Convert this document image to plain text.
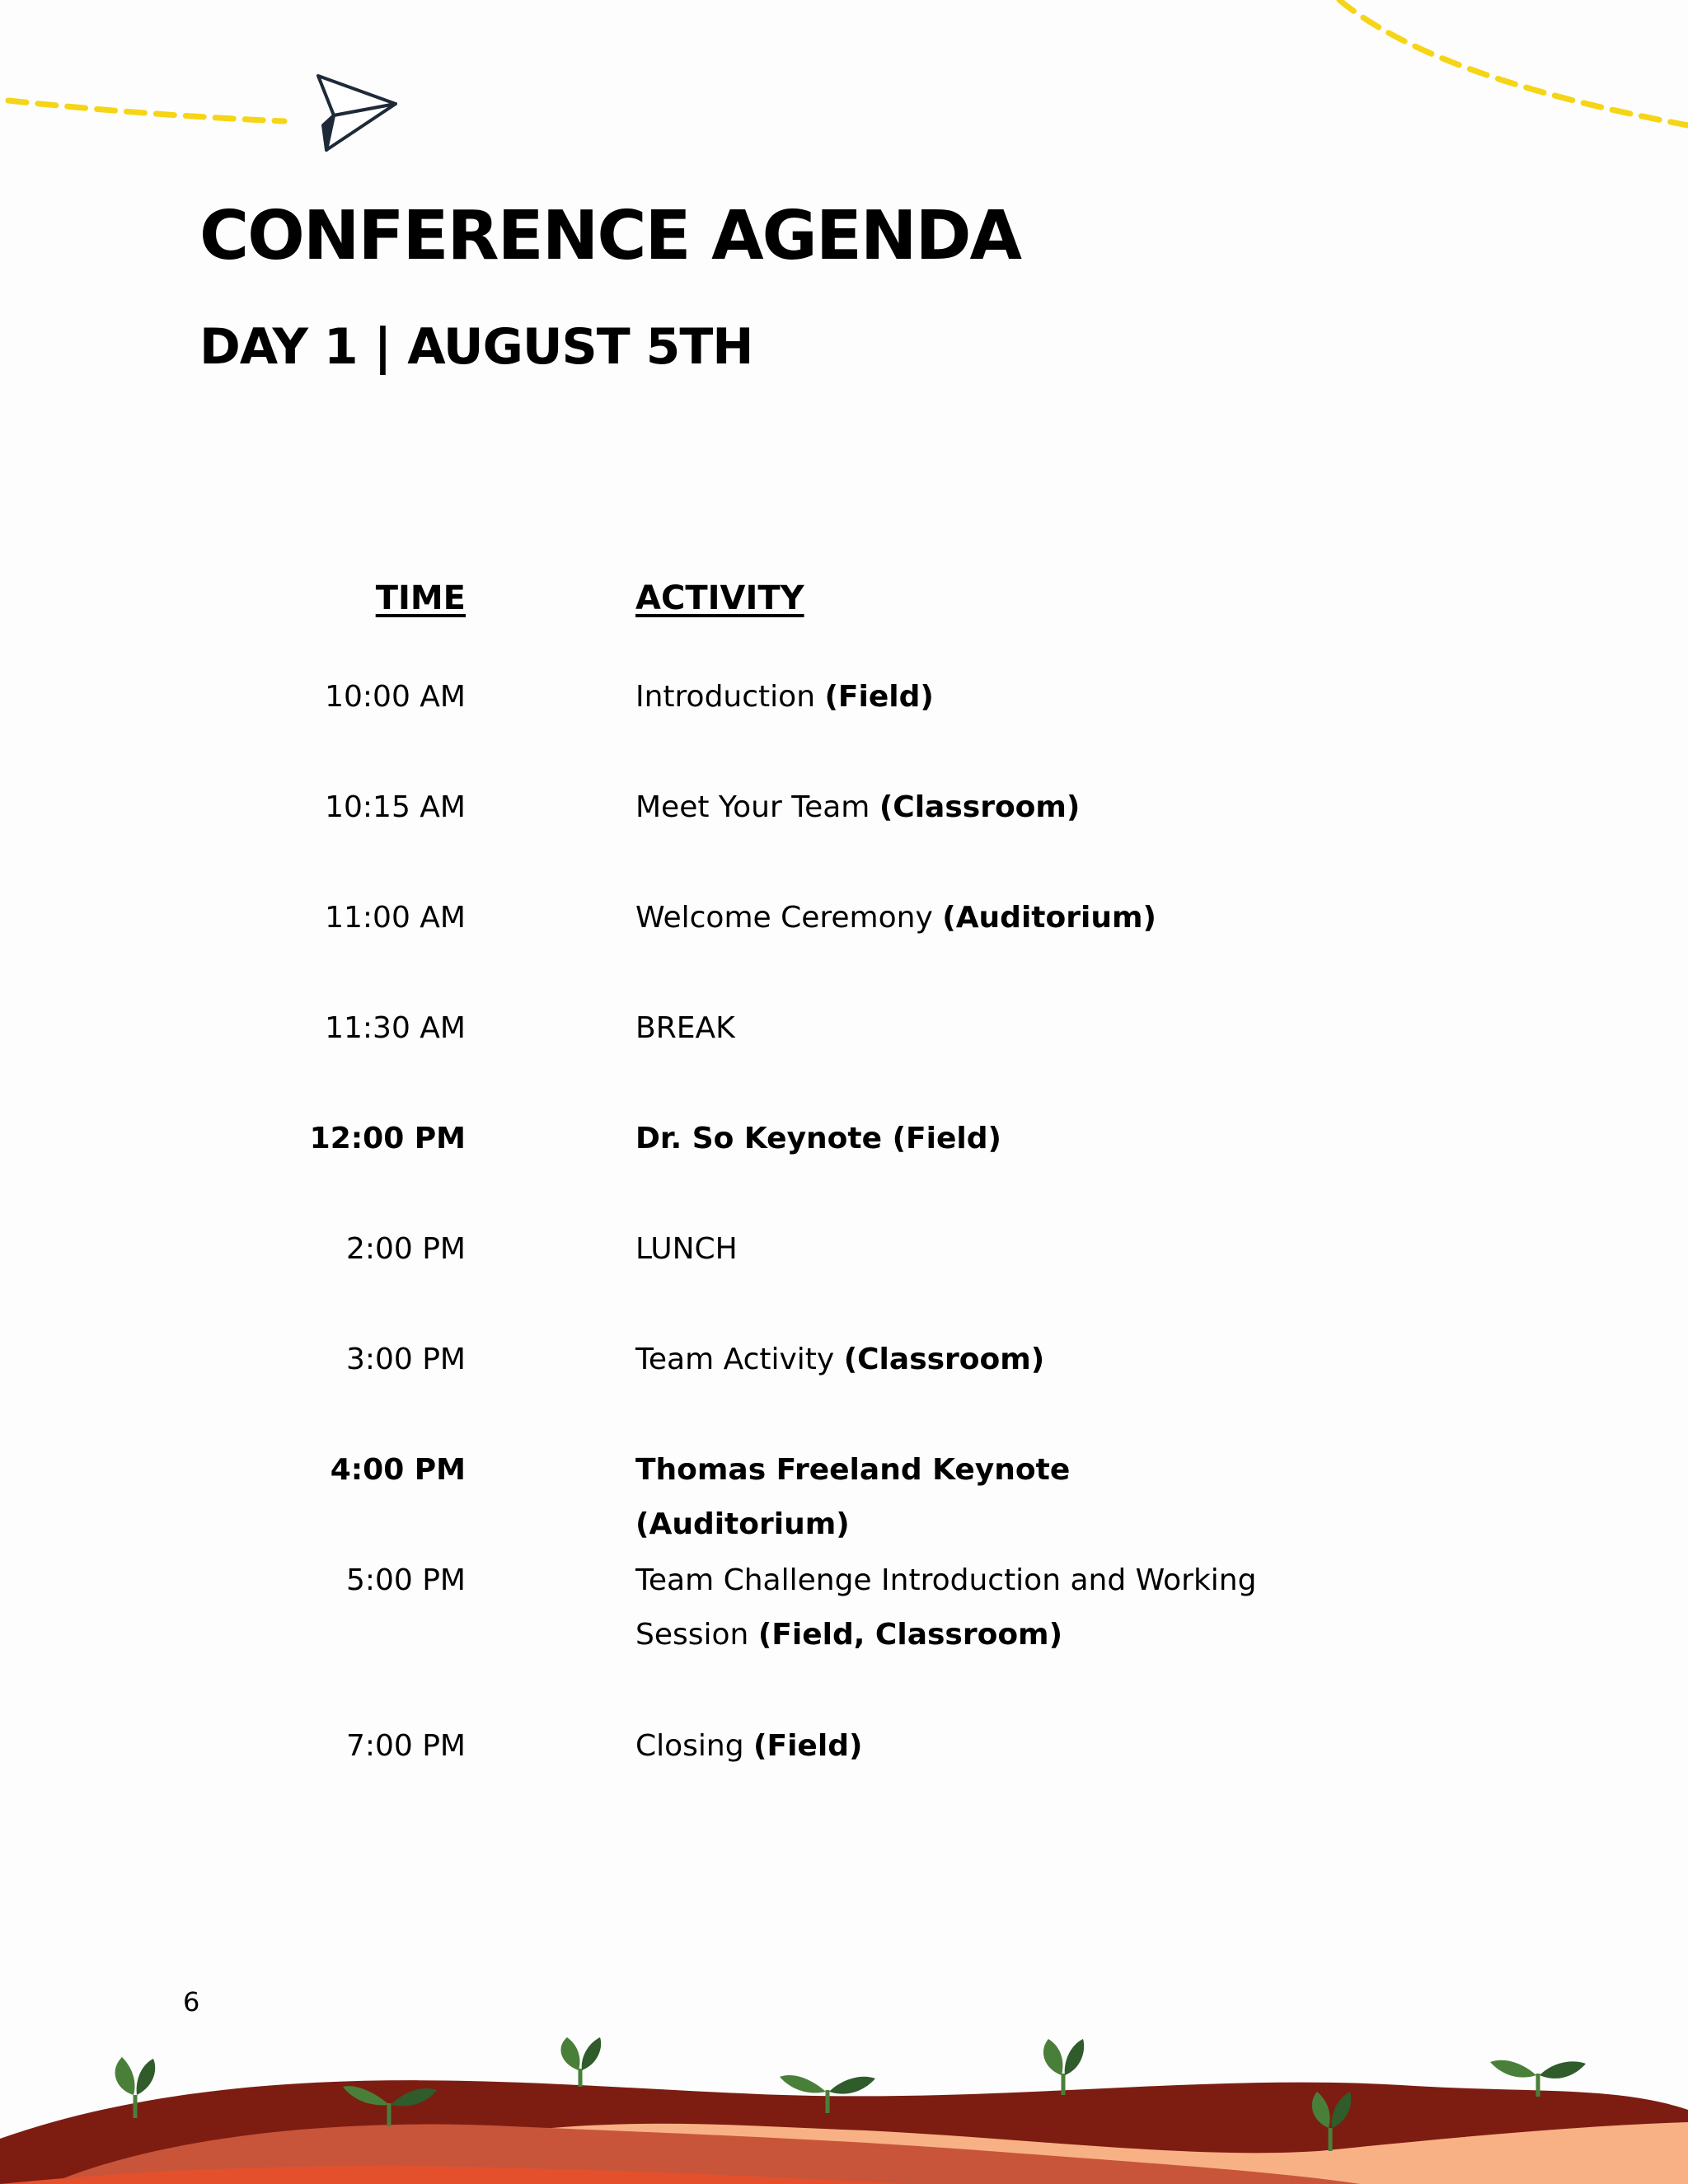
CONFERENCE AGENDA
DAY 1 | AUGUST 5TH
TIME	ACTIVITY
10:00 AM	Introduction (Field)
10:15 AM	Meet Your Team (Classroom)
11:00 AM	Welcome Ceremony (Auditorium)
11:30 AM	BREAK
12:00 PM	Dr. So Keynote (Field)
2:00 PM	LUNCH
3:00 PM	Team Activity (Classroom)
4:00 PM	Thomas Freeland Keynote (Auditorium)
5:00 PM	Team Challenge Introduction and Working Session (Field, Classroom)
7:00 PM	Closing (Field)
6
